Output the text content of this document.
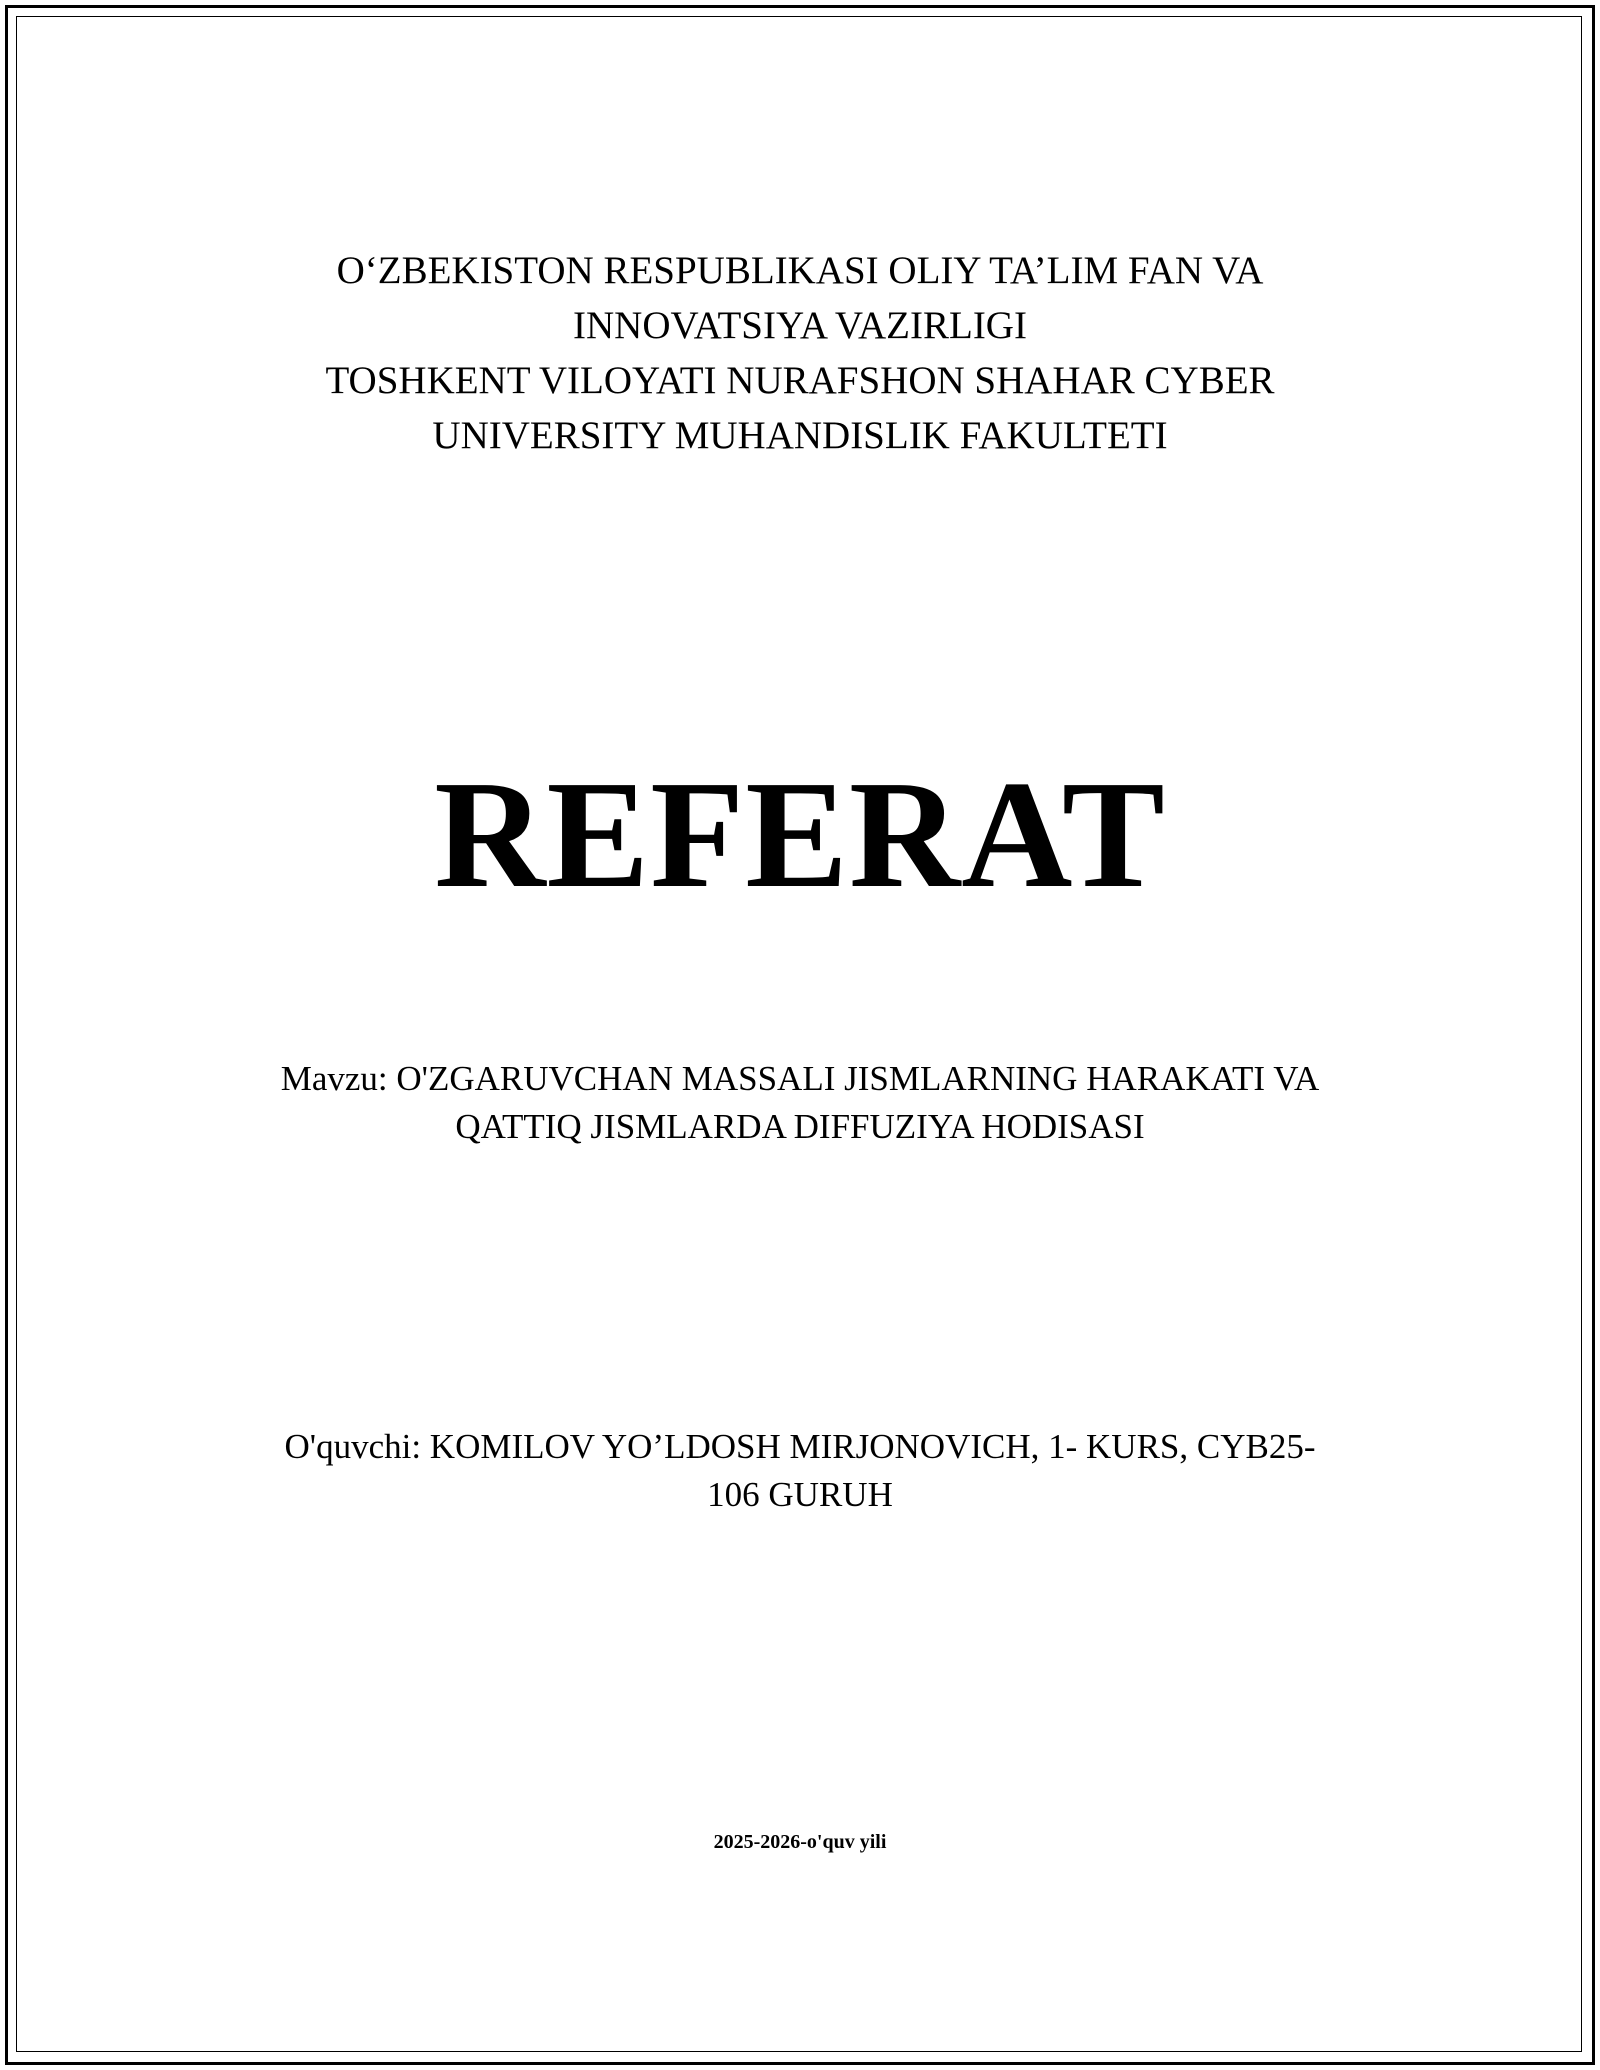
O‘ZBEKISTON RESPUBLIKASI OLIY TA’LIM FAN VA
INNOVATSIYA VAZIRLIGI
TOSHKENT VILOYATI NURAFSHON SHAHAR CYBER
UNIVERSITY MUHANDISLIK FAKULTETI
REFERAT
Mavzu: O'ZGARUVCHAN MASSALI JISMLARNING HARAKATI VA
QATTIQ JISMLARDA DIFFUZIYA HODISASI
O'quvchi: KOMILOV YO’LDOSH MIRJONOVICH, 1- KURS, CYB25-
106 GURUH
2025-2026-o'quv yili
